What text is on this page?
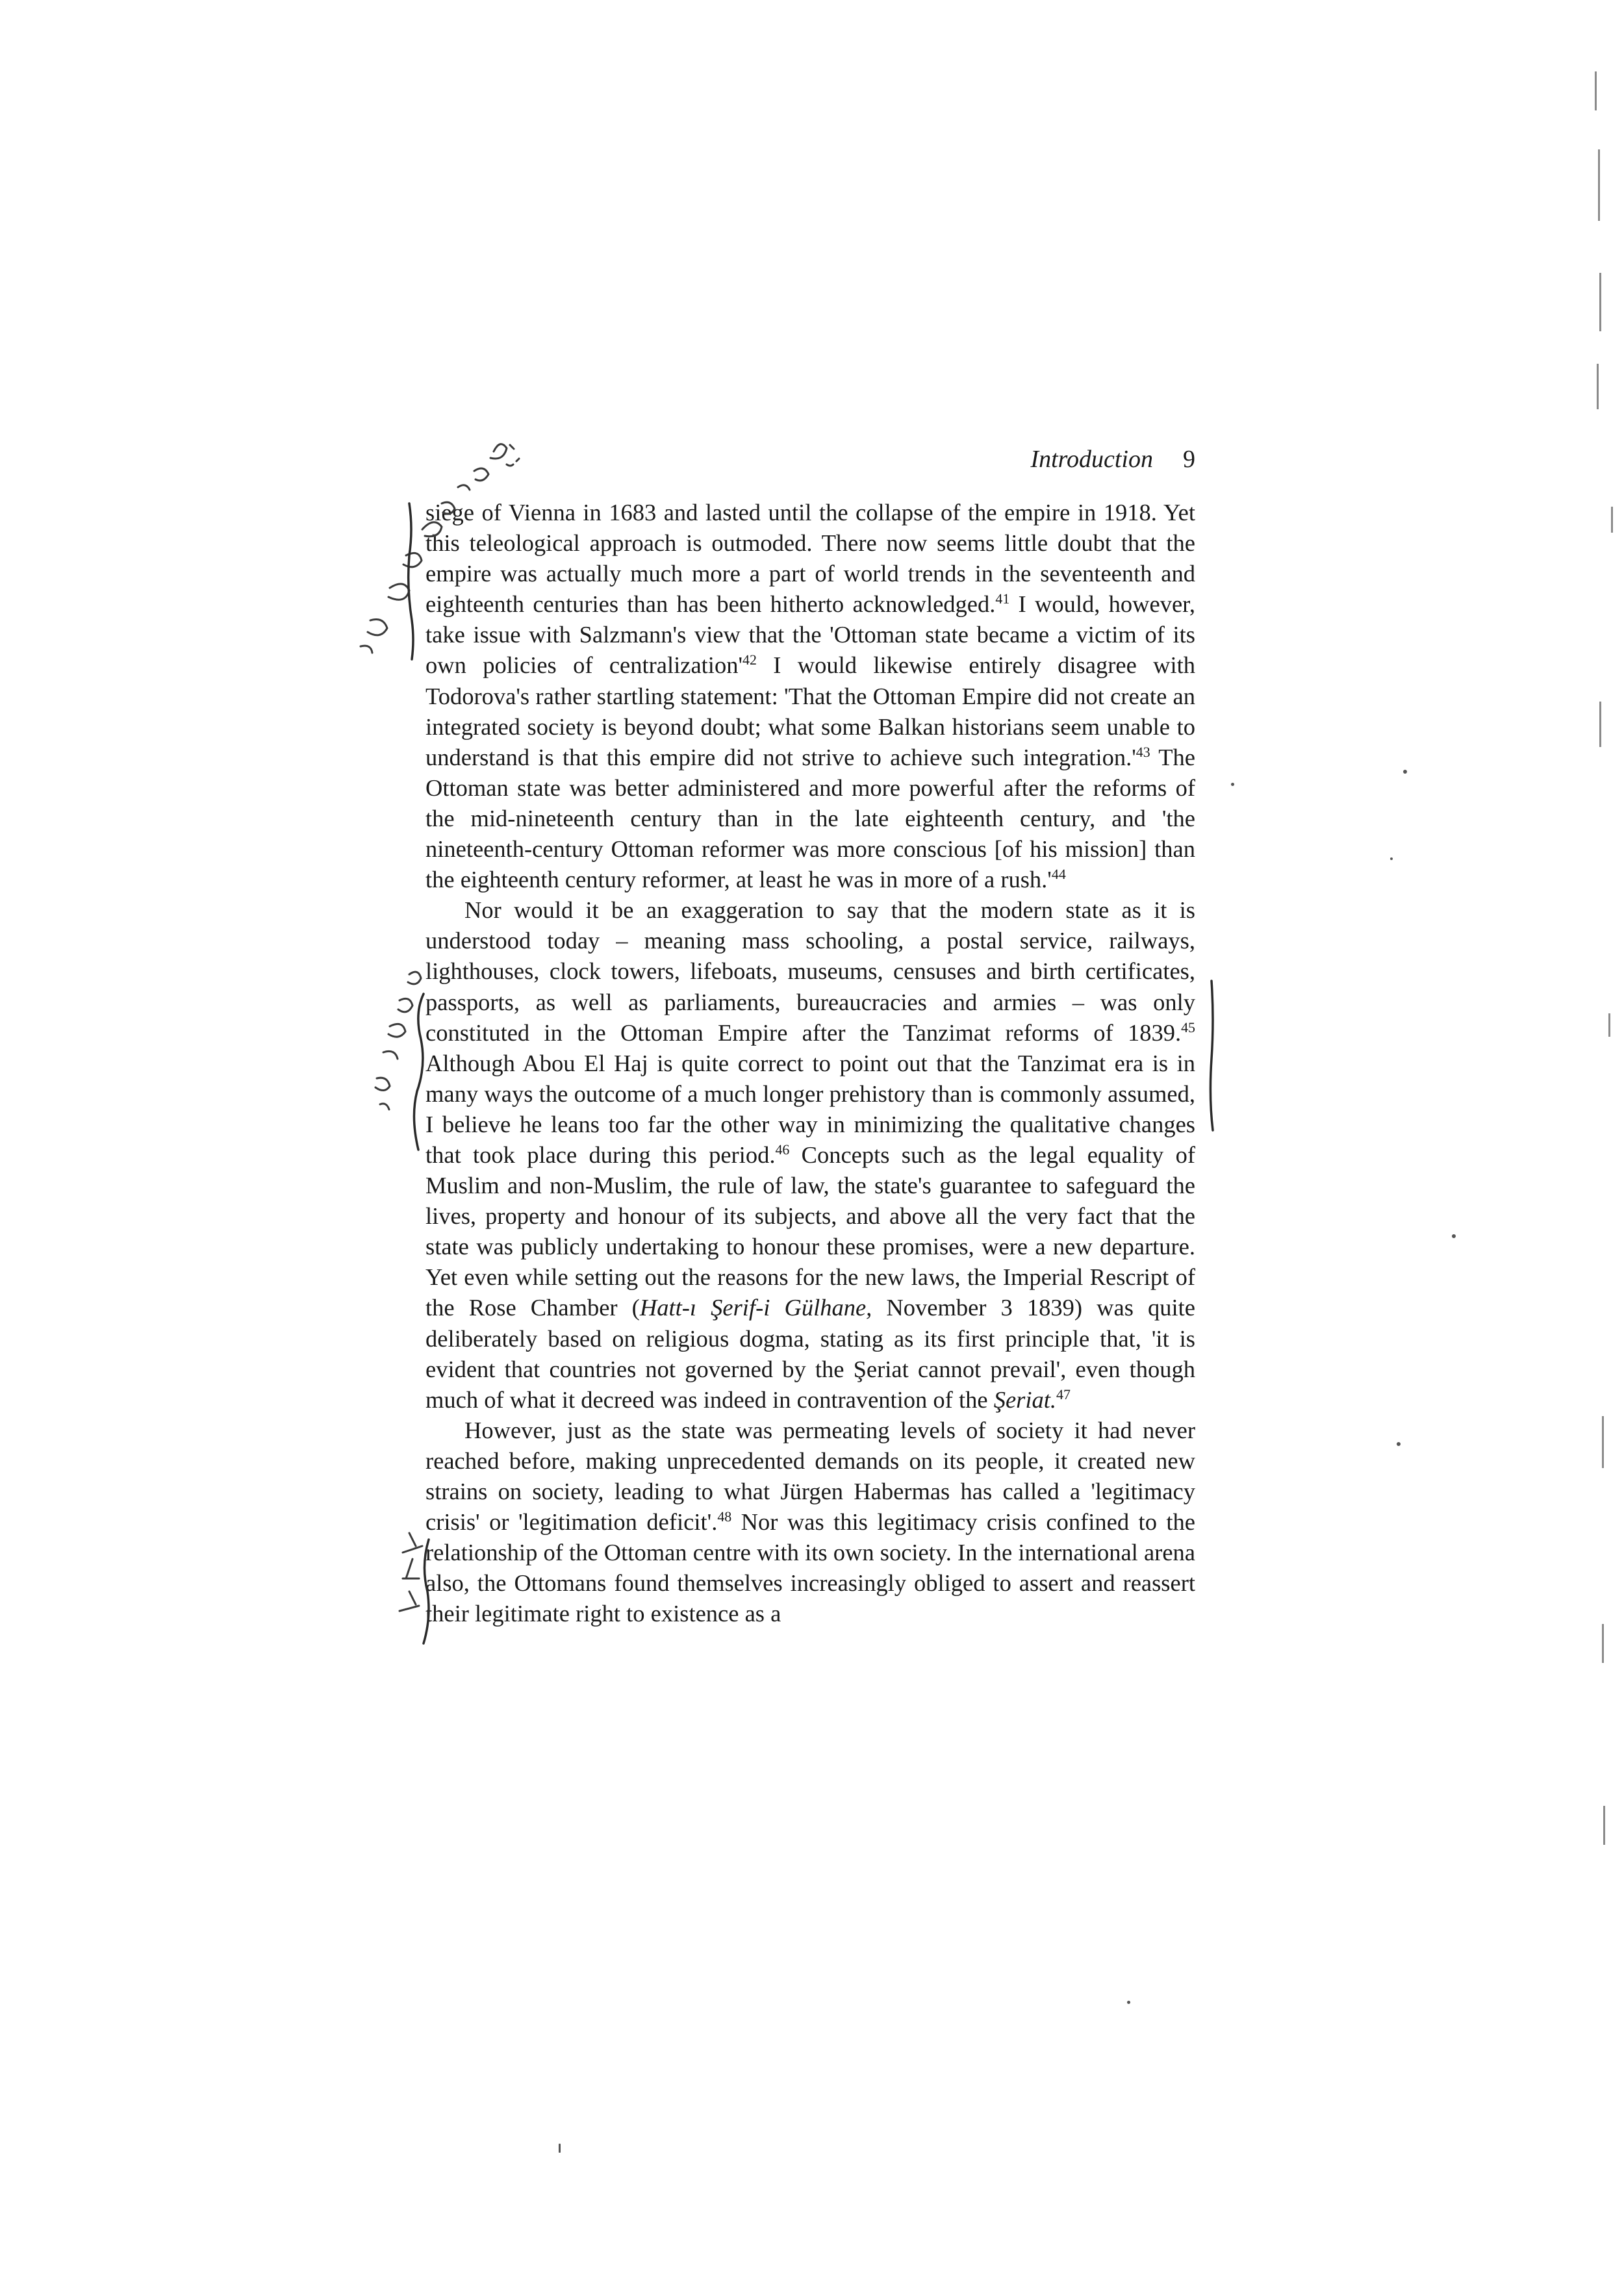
Introduction 9

siege of Vienna in 1683 and lasted until the collapse of the empire in 1918. Yet this teleological approach is outmoded. There now seems little doubt that the empire was actually much more a part of world trends in the seventeenth and eighteenth centuries than has been hitherto acknowledged.$^{41}$ I would, however, take issue with Salzmann's view that the 'Ottoman state became a victim of its own policies of centralization'$^{42}$ I would likewise entirely disagree with Todorova's rather startling statement: 'That the Ottoman Empire did not create an integrated society is beyond doubt; what some Balkan historians seem unable to understand is that this empire did not strive to achieve such integration.'$^{43}$ The Ottoman state was better administered and more powerful after the reforms of the mid-nineteenth century than in the late eighteenth century, and 'the nineteenth-century Ottoman reformer was more conscious [of his mission] than the eighteenth century reformer, at least he was in more of a rush.'$^{44}$

Nor would it be an exaggeration to say that the modern state as it is understood today – meaning mass schooling, a postal service, railways, lighthouses, clock towers, lifeboats, museums, censuses and birth certificates, passports, as well as parliaments, bureaucracies and armies – was only constituted in the Ottoman Empire after the Tanzimat reforms of 1839.45 Although Abou El Haj is quite correct to point out that the Tanzimat era is in many ways the outcome of a much longer prehistory than is commonly assumed, I believe he leans too far the other way in minimizing the qualitative changes that took place during this period.$^{46}$ Concepts such as the legal equality of Muslim and non-Muslim, the rule of law, the state's guarantee to safeguard the lives, property and honour of its subjects, and above all the very fact that the state was publicly undertaking to honour these promises, were a new departure. Yet even while setting out the reasons for the new laws, the Imperial Rescript of the Rose Chamber (Hatt-ı Şerif-i Gülhane, November 3 1839) was quite deliberately based on religious dogma, stating as its first principle that, 'it is evident that countries not governed by the Şeriat cannot prevail', even though much of what it decreed was indeed in contravention of the Şeriat.$^{47}$

However, just as the state was permeating levels of society it had never reached before, making unprecedented demands on its people, it created new strains on society, leading to what Jürgen Habermas has called a 'legitimacy crisis' or 'legitimation deficit'.$^{48}$ Nor was this legitimacy crisis confined to the relationship of the Ottoman centre with its own society. In the international arena also, the Ottomans found themselves increasingly obliged to assert and reassert their legitimate right to existence as a
